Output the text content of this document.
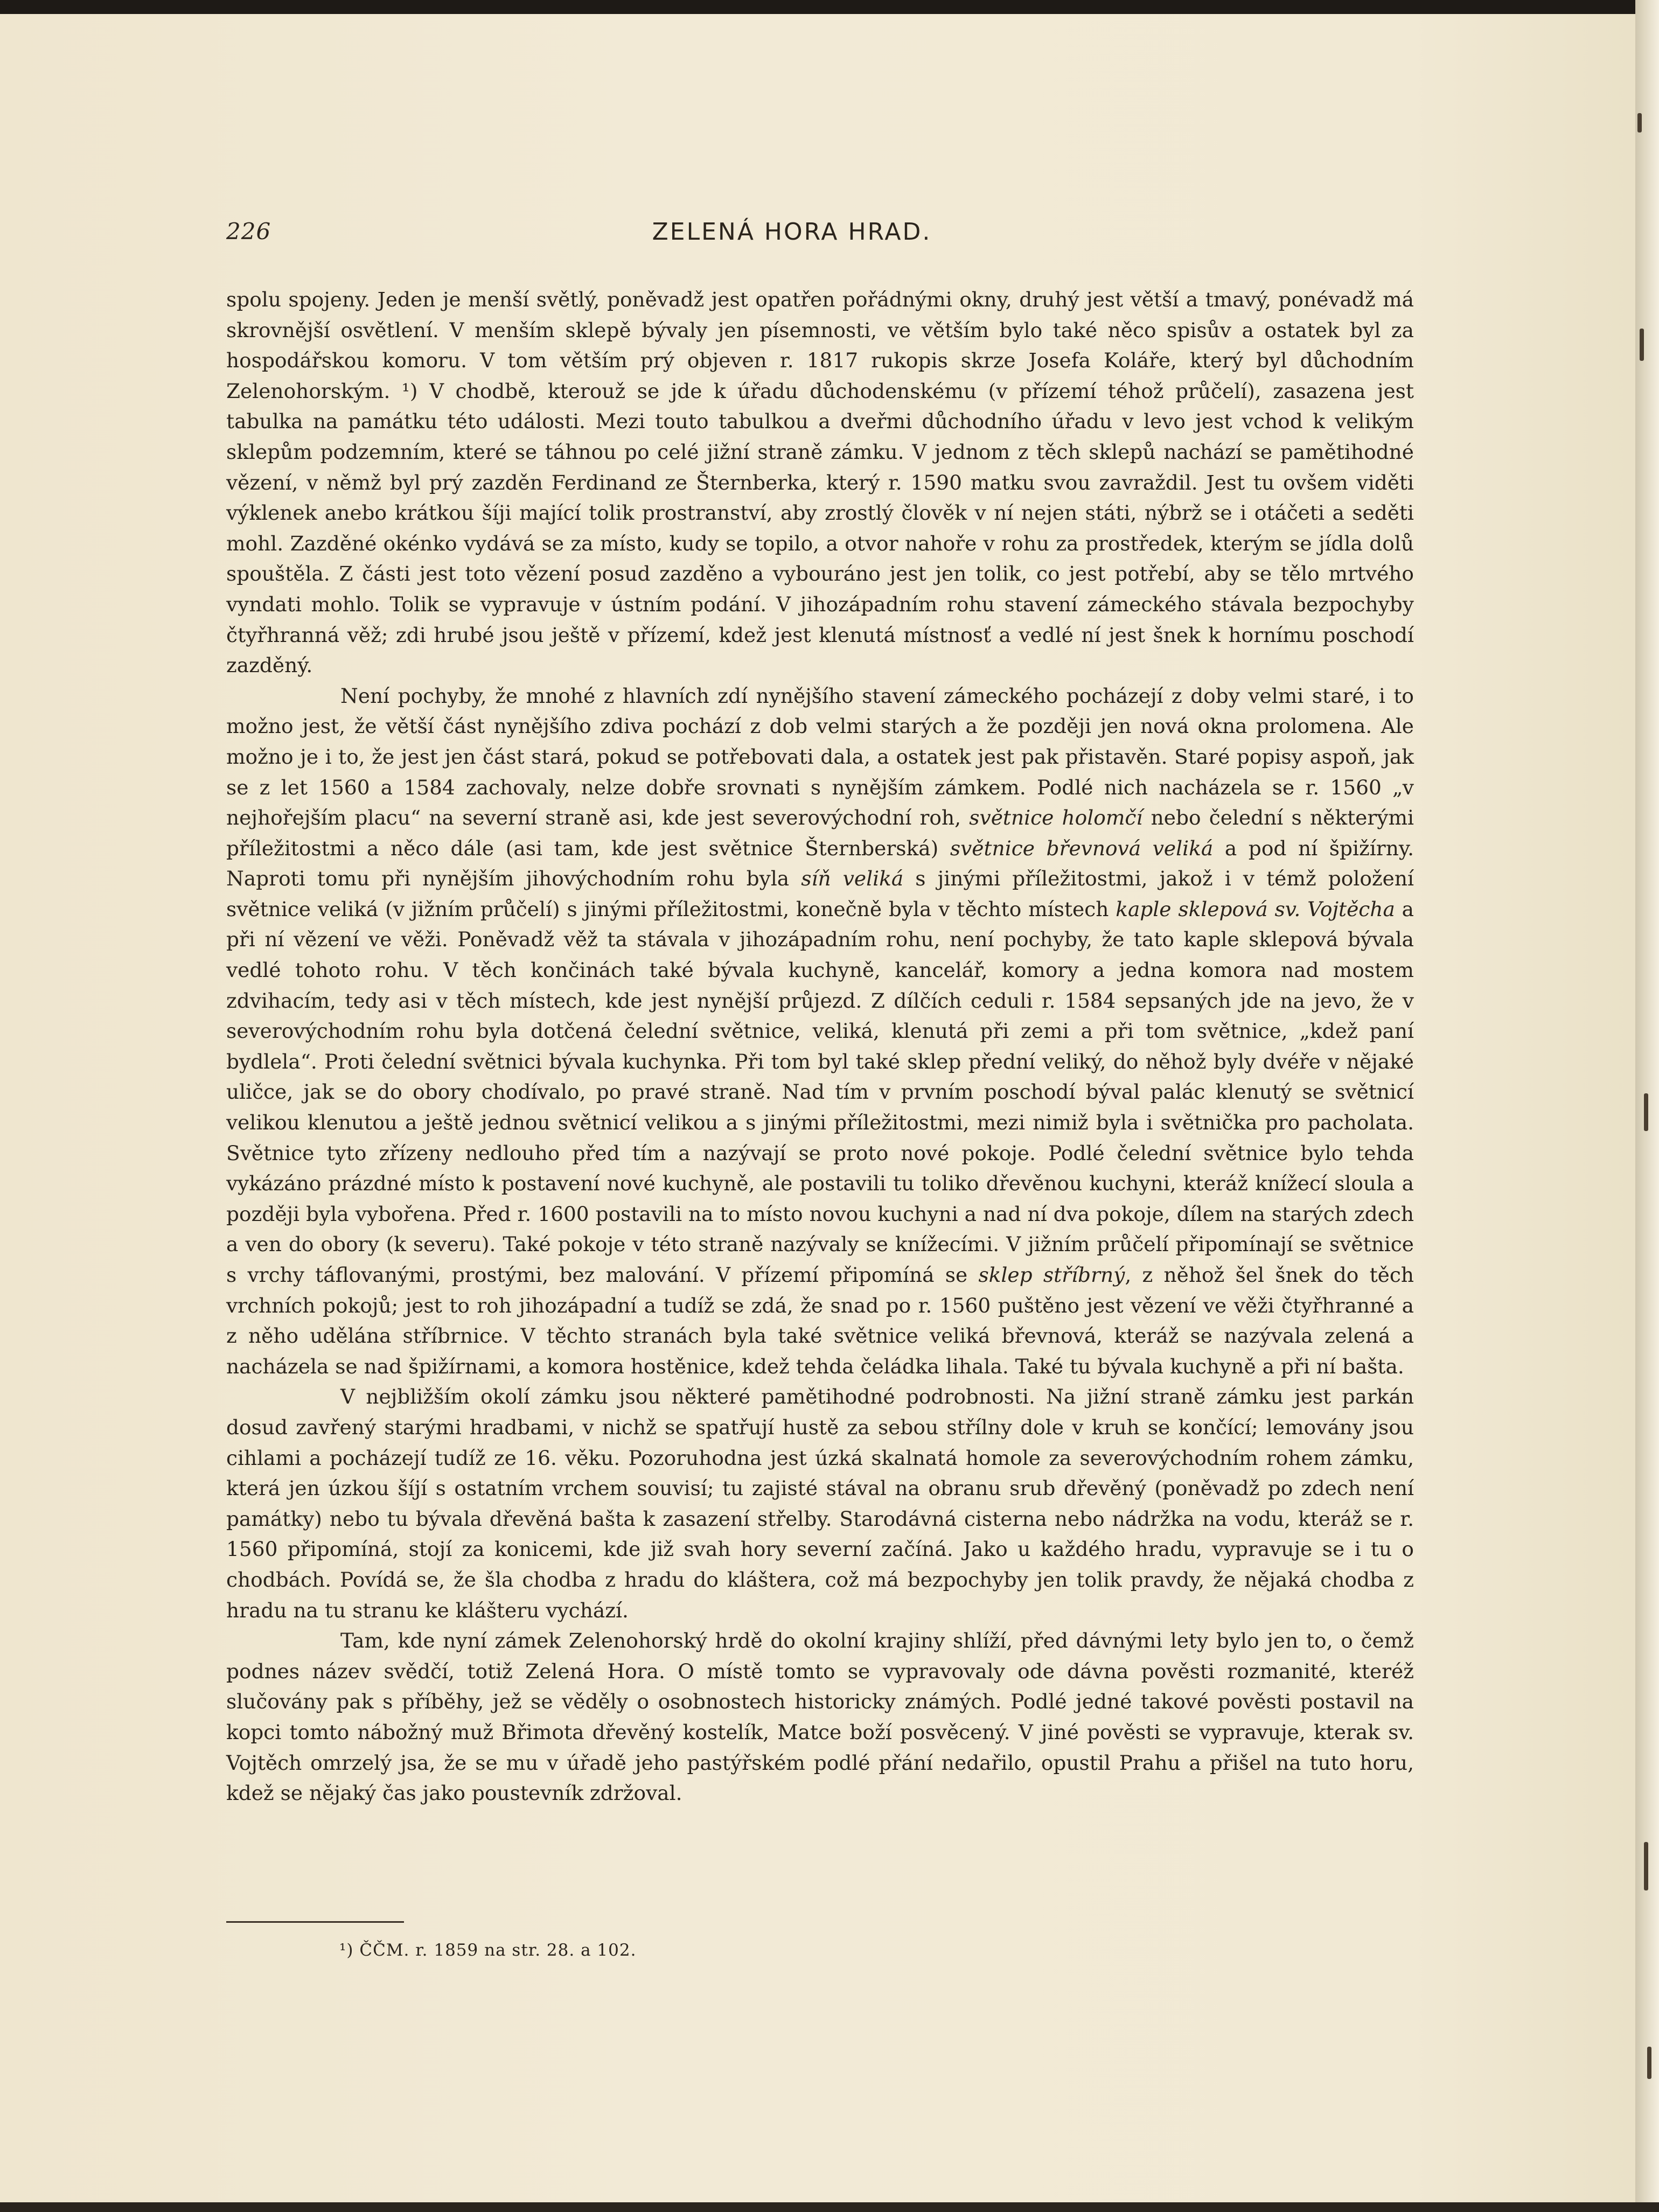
226	ZELENÁ HORA HRAD.

spolu spojeny. Jeden je menší světlý, poněvadž jest opatřen pořádnými okny, druhý jest větší a tmavý, ponévadž má skrovnější osvětlení. V menším sklepě bývaly jen písemnosti, ve větším bylo také něco spisův a ostatek byl za hospodářskou komoru. V tom větším prý objeven r. 1817 rukopis skrze Josefa Koláře, který byl důchodním Zelenohorským. ¹) V chodbě, kterouž se jde k úřadu důchodenskému (v přízemí téhož průčelí), zasazena jest tabulka na památku této události. Mezi touto tabulkou a dveřmi důchodního úřadu v levo jest vchod k velikým sklepům podzemním, které se táhnou po celé jižní straně zámku. V jednom z těch sklepů nachází se pamětihodné vězení, v němž byl prý zazděn Ferdinand ze Šternberka, který r. 1590 matku svou zavraždil. Jest tu ovšem viděti výklenek anebo krátkou šíji mající tolik prostranství, aby zrostlý člověk v ní nejen státi, nýbrž se i otáčeti a seděti mohl. Zazděné okénko vydává se za místo, kudy se topilo, a otvor nahoře v rohu za prostředek, kterým se jídla dolů spouštěla. Z části jest toto vězení posud zazděno a vybouráno jest jen tolik, co jest potřebí, aby se tělo mrtvého vyndati mohlo. Tolik se vypravuje v ústním podání. V jihozápadním rohu stavení zámeckého stávala bezpochyby čtyřhranná věž; zdi hrubé jsou ještě v přízemí, kdež jest klenutá místnosť a vedlé ní jest šnek k hornímu poschodí zazděný.

Není pochyby, že mnohé z hlavních zdí nynějšího stavení zámeckého pocházejí z doby velmi staré, i to možno jest, že větší část nynějšího zdiva pochází z dob velmi starých a že později jen nová okna prolomena. Ale možno je i to, že jest jen část stará, pokud se potřebovati dala, a ostatek jest pak přistavěn. Staré popisy aspoň, jak se z let 1560 a 1584 zachovaly, nelze dobře srovnati s nynějším zámkem. Podlé nich nacházela se r. 1560 „v nejhořejším placu“ na severní straně asi, kde jest severovýchodní roh, světnice holomčí nebo čelední s některými příležitostmi a něco dále (asi tam, kde jest světnice Šternberská) světnice břevnová veliká a pod ní špižírny. Naproti tomu při nynějším jihovýchodním rohu byla síň veliká s jinými příležitostmi, jakož i v témž položení světnice veliká (v jižním průčelí) s jinými příležitostmi, konečně byla v těchto místech kaple sklepová sv. Vojtěcha a při ní vězení ve věži. Poněvadž věž ta stávala v jihozápadním rohu, není pochyby, že tato kaple sklepová bývala vedlé tohoto rohu. V těch končinách také bývala kuchyně, kancelář, komory a jedna komora nad mostem zdvihacím, tedy asi v těch místech, kde jest nynější průjezd. Z dílčích ceduli r. 1584 sepsaných jde na jevo, že v severovýchodním rohu byla dotčená čelední světnice, veliká, klenutá při zemi a při tom světnice, „kdež paní bydlela“. Proti čelední světnici bývala kuchynka. Při tom byl také sklep přední veliký, do něhož byly dvéře v nějaké uličce, jak se do obory chodívalo, po pravé straně. Nad tím v prvním poschodí býval palác klenutý se světnicí velikou klenutou a ještě jednou světnicí velikou a s jinými příležitostmi, mezi nimiž byla i světnička pro pacholata. Světnice tyto zřízeny nedlouho před tím a nazývají se proto nové pokoje. Podlé čelední světnice bylo tehda vykázáno prázdné místo k postavení nové kuchyně, ale postavili tu toliko dřevěnou kuchyni, kteráž knížecí sloula a později byla vybořena. Před r. 1600 postavili na to místo novou kuchyni a nad ní dva pokoje, dílem na starých zdech a ven do obory (k severu). Také pokoje v této straně nazývaly se knížecími. V jižním průčelí připomínají se světnice s vrchy táflovanými, prostými, bez malování. V přízemí připomíná se sklep stříbrný, z něhož šel šnek do těch vrchních pokojů; jest to roh jihozápadní a tudíž se zdá, že snad po r. 1560 puštěno jest vězení ve věži čtyřhranné a z něho udělána stříbrnice. V těchto stranách byla také světnice veliká břevnová, kteráž se nazývala zelená a nacházela se nad špižírnami, a komora hostěnice, kdež tehda čeládka lihala. Také tu bývala kuchyně a při ní bašta.

V nejbližším okolí zámku jsou některé pamětihodné podrobnosti. Na jižní straně zámku jest parkán dosud zavřený starými hradbami, v nichž se spatřují hustě za sebou střílny dole v kruh se končící; lemovány jsou cihlami a pocházejí tudíž ze 16. věku. Pozoruhodna jest úzká skalnatá homole za severovýchodním rohem zámku, která jen úzkou šíjí s ostatním vrchem souvisí; tu zajisté stával na obranu srub dřevěný (poněvadž po zdech není památky) nebo tu bývala dřevěná bašta k zasazení střelby. Starodávná cisterna nebo nádržka na vodu, kteráž se r. 1560 připomíná, stojí za konicemi, kde již svah hory severní začíná. Jako u každého hradu, vypravuje se i tu o chodbách. Povídá se, že šla chodba z hradu do kláštera, což má bezpochyby jen tolik pravdy, že nějaká chodba z hradu na tu stranu ke klášteru vychází.

Tam, kde nyní zámek Zelenohorský hrdě do okolní krajiny shlíží, před dávnými lety bylo jen to, o čemž podnes název svědčí, totiž Zelená Hora. O místě tomto se vypravovaly ode dávna pověsti rozmanité, kteréž slučovány pak s příběhy, jež se věděly o osobnostech historicky známých. Podlé jedné takové pověsti postavil na kopci tomto nábožný muž Břimota dřevěný kostelík, Matce boží posvěcený. V jiné pověsti se vypravuje, kterak sv. Vojtěch omrzelý jsa, že se mu v úřadě jeho pastýřském podlé přání nedařilo, opustil Prahu a přišel na tuto horu, kdež se nějaký čas jako poustevník zdržoval.

¹) ČČM. r. 1859 na str. 28. a 102.
